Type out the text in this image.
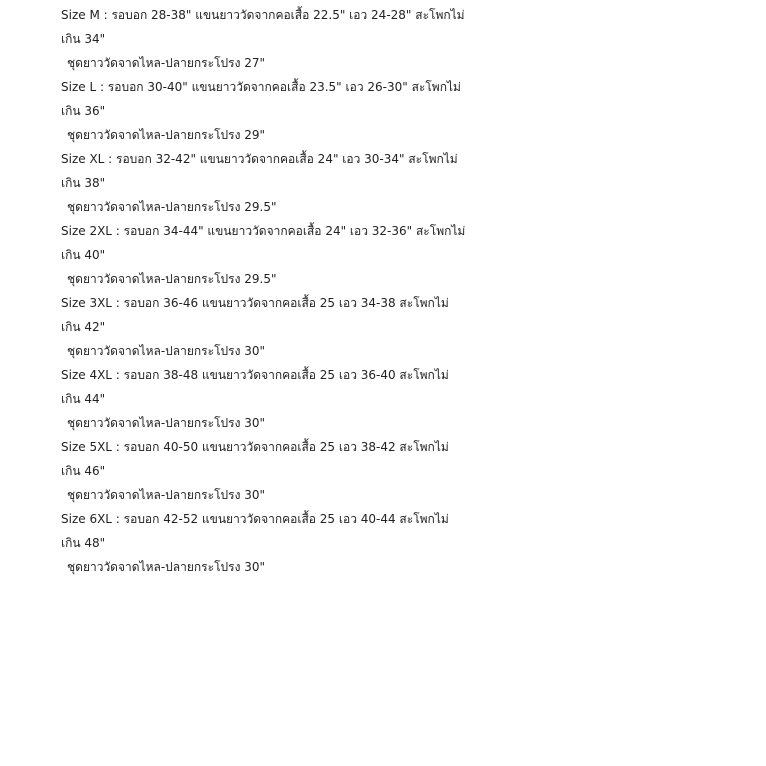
Size M : รอบอก 28-38" แขนยาววัดจากคอเสื้อ 22.5" เอว 24-28" สะโพกไม่
เกิน 34"
ชุดยาววัดจาดไหล-ปลายกระโปรง 27"
Size L : รอบอก 30-40" แขนยาววัดจากคอเสื้อ 23.5" เอว 26-30" สะโพกไม่
เกิน 36"
ชุดยาววัดจาดไหล-ปลายกระโปรง 29"
Size XL : รอบอก 32-42" แขนยาววัดจากคอเสื้อ 24" เอว 30-34" สะโพกไม่
เกิน 38"
ชุดยาววัดจาดไหล-ปลายกระโปรง 29.5"
Size 2XL : รอบอก 34-44" แขนยาววัดจากคอเสื้อ 24" เอว 32-36" สะโพกไม่
เกิน 40"
ชุดยาววัดจาดไหล-ปลายกระโปรง 29.5"
Size 3XL : รอบอก 36-46 แขนยาววัดจากคอเสื้อ 25 เอว 34-38 สะโพกไม่
เกิน 42"
ชุดยาววัดจาดไหล-ปลายกระโปรง 30"
Size 4XL : รอบอก 38-48 แขนยาววัดจากคอเสื้อ 25 เอว 36-40 สะโพกไม่
เกิน 44"
ชุดยาววัดจาดไหล-ปลายกระโปรง 30"
Size 5XL : รอบอก 40-50 แขนยาววัดจากคอเสื้อ 25 เอว 38-42 สะโพกไม่
เกิน 46"
ชุดยาววัดจาดไหล-ปลายกระโปรง 30"
Size 6XL : รอบอก 42-52 แขนยาววัดจากคอเสื้อ 25 เอว 40-44 สะโพกไม่
เกิน 48"
ชุดยาววัดจาดไหล-ปลายกระโปรง 30"
